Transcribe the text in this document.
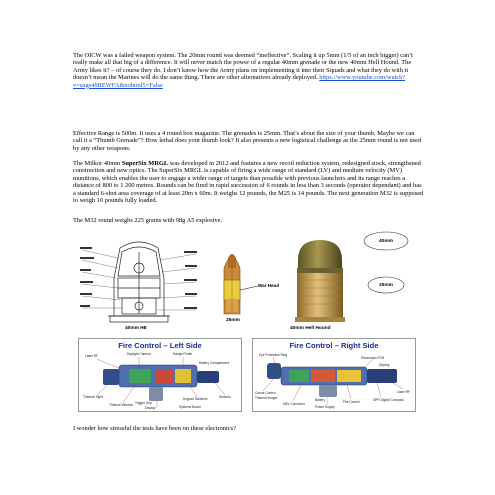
The OICW was a failed weapon system. The 20mm round was deemed “ineffective”. Scaling it up 5mm (1/5 of an inch bigger) can’t really make all that big of a difference. It will never match the power of a regular 40mm grenade or the new 40mm Hell Hound. The Army likes it? – of course they do. I don’t know how the Army plans on implementing it into their Squads and what they do with it doesn’t mean the Marines will do the same thing. There are other alternatives already deployed. https://www.youtube.com/watch?v=sugs4hBEWFA&nohtml5=False

Effective Range is 500m. It uses a 4 round box magazine. The grenades is 25mm. That’s about the size of your thumb. Maybe we can call it a “Thumb Grenade”? How lethal does your thumb look? It also presents a new logistical challenge as the 25mm round is not used by any other weapons.

The Milkor 40mm SuperSix MRGL was developed in 2012 and features a new recoil reduction system, redesigned stock, strengthened construction and new optics. The SuperSix MRGL is capable of firing a wide range of standard (LV) and medium velocity (MV) munitions, which enables the user to engage a wider range of targets than possible with previous launchers and its range reaches a distance of 800 to 1 200 metres. Rounds can be fired in rapid succession of 6 rounds in less than 3 seconds (operator dependant) and has a standard 6-shot area coverage of at least 20m x 60m. It weighs 12 pounds, the M25 is 14 pounds. The next generation M32 is supposed to weigh 10 pounds fully loaded.

The M32 round weighs 225 grams with 98g A5 explosive.

40mm HE
War Head
25mm
40mm Hell Hound
40mm
25mm
Fire Control – Left Side
Laser RF	Daylight Camera	Range Finder
Thermal Sight
Thermal Window
Battery Compartment
Trigger Grip
Display
Keypad Switches	Sensors
Systems Board
Fire Control – Right Side
Eye Protection Ring
Electronics PCB
Display
Cursor Control
Thermal Imager
MSL Connector
Battery
Power Supply
Fire Control	DPR Digital Compass
Laser RF

I wonder how stressful the tests have been on these electronics?
